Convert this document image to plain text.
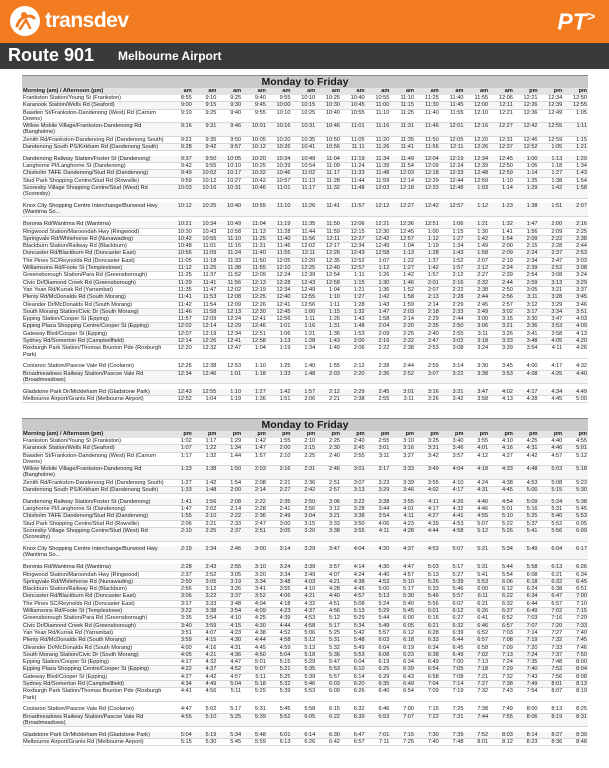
transdev	PT>
Route 901 Melbourne Airport
Monday to Friday
Morning (am) / Afternoon (pm)	am	am	am	am	am	am	am	am	am	am	am	am	am	am	pm	pm	pm
Frankston Station/Young St (Frankston)	8:55	9:10	9:25	9:40	9:55	10:10	10:25	10:40	10:55	11:10	11:25	11:40	11:55	12:06	12:21	12:34	12:50
Karanook Station/Wells Rd (Seaford)	9:00	9:15	9:30	9:45	10:00	10:15	10:30	10:45	11:00	11:15	11:30	11:45	12:00	12:11	12:26	12:39	12:55
Bawden St/Frankston-Dandenong (West) Rd (Carrum Downs)	9:10	9:25	9:40	9:55	10:10	10:25	10:40	10:55	11:10	11:25	11:40	11:55	12:10	12:21	12:36	12:49	1:05
Willow Mobile Village/Frankston-Dandenong Rd (Bangholme)	9:16	9:31	9:46	10:01	10:16	10:31	10:46	11:01	11:16	11:31	11:46	12:01	12:16	12:27	12:42	12:55	1:11
Zenith Rd/Frankston-Dandenong Rd (Dandenong South)	9:21	9:35	9:50	10:05	10:20	10:35	10:50	11:05	11:20	11:35	11:50	12:05	12:20	12:31	12:46	12:59	1:15
Dandenong South PS/Kirkham Rd (Dandenong South)	9:28	9:42	9:57	10:12	10:26	10:41	10:56	11:11	11:26	11:41	11:56	12:11	12:26	12:37	12:52	1:05	1:21

Dandenong Railway Station/Foster St (Dandenong)	9:37	9:50	10:05	10:20	10:34	10:49	11:04	11:19	11:34	11:49	12:04	12:19	12:34	12:45	1:00	1:13	1:29
Langhorne Pl/Langhorne St (Dandenong)	9:42	9:55	10:10	10:25	10:39	10:54	11:09	11:24	11:39	11:54	12:09	12:24	12:39	12:50	1:05	1:18	1:34
Chisholm TAFE Dandenong/Stud Rd (Dandenong)	9:49	10:02	10:17	10:32	10:46	11:02	11:17	11:33	11:48	12:03	12:18	12:33	12:48	12:59	1:14	1:27	1:43
Stud Park Shopping Centre/Stud Rd (Rowville)	9:59	10:12	10:27	10:42	10:57	11:13	11:28	11:44	11:59	12:14	12:29	12:44	12:59	1:10	1:25	1:38	1:54
Scoresby Village Shopping Centre/Stud (West) Rd (Scoresby)	10:03	10:16	10:31	10:46	11:01	11:17	11:32	11:48	12:03	12:18	12:33	12:48	1:03	1:14	1:29	1:42	1:58

Knox City Shopping Centre Interchange/Burwood Hwy (Wantirna So...	10:12	10:25	10:40	10:55	11:10	11:26	11:41	11:57	12:12	12:27	12:42	12:57	1:12	1:23	1:38	1:51	2:07

Boronia Rd/Wantirna Rd (Wantirna)	10:21	10:34	10:49	11:04	11:19	11:35	11:50	12:06	12:21	12:36	12:51	1:06	1:21	1:32	1:47	2:00	2:16
Ringwood Station/Maroondah Hwy (Ringwood)	10:30	10:43	10:58	11:13	11:28	11:44	11:59	12:15	12:30	12:45	1:00	1:15	1:30	1:41	1:56	2:09	2:25
Springvale Rd/Whitehorse Rd (Nunawading)	10:42	10:55	11:10	11:25	11:40	11:56	12:11	12:27	12:42	12:57	1:12	1:27	1:42	1:54	2:09	2:22	2:38
Blackburn Station/Railway Rd (Blackburn)	10:48	11:01	11:16	11:31	11:46	12:02	12:17	12:34	12:49	1:04	1:19	1:34	1:49	2:00	2:15	2:28	2:44
Doncaster Rd/Blackburn Rd (Doncaster East)	10:56	11:09	11:24	11:40	11:55	12:11	12:26	12:43	12:58	1:13	1:28	1:43	1:58	2:09	2:24	2:37	2:53
The Pines SC/Reynolds Rd (Doncaster East)	11:05	11:18	11:33	11:50	12:05	12:20	12:35	12:52	1:07	1:22	1:37	1:52	2:07	2:19	2:34	2:47	3:03
Williamsons Rd/Foote St (Templestowe)	11:12	11:25	11:38	11:55	12:10	12:25	12:40	12:57	1:12	1:27	1:42	1:57	2:12	2:24	2:39	2:52	3:08
Greensborough Station/Para Rd (Greensborough)	11:25	11:37	11:52	12:09	12:24	12:39	12:54	1:11	1:26	1:42	1:57	2:12	2:27	2:39	2:54	3:08	3:24
Civic Dr/Diamond Creek Rd (Greensborough)	11:29	11:41	11:56	12:13	12:28	12:43	12:58	1:15	1:30	1:46	2:01	2:16	2:32	2:44	2:59	3:13	3:29
Yan Yean Rd/Kurrak Rd (Yarrambat)	11:35	11:47	12:02	12:19	12:34	12:49	1:04	1:21	1:36	1:52	2:07	2:22	2:38	2:50	3:05	3:21	3:37
Plenty Rd/McDonalds Rd (South Morang)	11:41	11:53	12:08	12:25	12:40	12:55	1:10	1:27	1:42	1:58	2:13	2:28	2:44	2:56	3:11	3:28	3:45
Oleander Dr/McDonalds Rd (South Morang)	11:42	11:54	12:09	12:26	12:41	12:56	1:11	1:28	1:43	1:59	2:14	2:29	2:45	2:57	3:12	3:29	3:46
South Morang Station/Civic Dr (South Morang)	11:46	11:58	12:13	12:30	12:45	1:00	1:15	1:32	1:47	2:03	2:18	2:33	2:49	3:02	3:17	3:34	3:51
Epping Station/Cooper St (Epping)	11:57	12:09	12:24	12:41	12:56	1:11	1:26	1:43	1:58	2:14	2:29	2:44	3:00	3:15	3:30	3:47	4:03
Epping Plaza Shopping Centre/Cooper St (Epping)	12:02	12:14	12:29	12:46	1:01	1:16	1:31	1:48	2:04	2:20	2:35	2:50	3:06	3:21	3:36	3:53	4:09
Gateway Blvd/Cooper St (Epping)	12:07	12:19	12:34	12:51	1:06	1:21	1:36	1:53	2:09	2:25	2:40	2:55	3:11	3:26	3:41	3:58	4:13
Sydney Rd/Somerton Rd (Campbellfield)	12:14	12:26	12:41	12:58	1:13	1:28	1:43	2:00	2:16	2:32	2:47	3:02	3:18	3:33	3:48	4:05	4:20
Roxburgh Park Station/Thomas Brunton Pde (Roxburgh Park)	12:20	12:32	12:47	1:04	1:19	1:34	1:49	2:06	2:22	2:38	2:53	3:08	3:24	3:39	3:54	4:11	4:26

Coolaroo Station/Pascoe Vale Rd (Coolaroo)	12:26	12:38	12:53	1:10	1:25	1:40	1:55	2:12	2:28	2:44	2:59	3:14	3:30	3:45	4:00	4:17	4:32
Broadmeadows Railway Station/Pascoe Vale Rd (Broadmeadows)	12:34	12:46	1:01	1:18	1:33	1:48	2:03	2:20	2:36	2:52	3:07	3:22	3:38	3:53	4:08	4:25	4:40

Gladstone Park Dr/Mickleham Rd (Gladstone Park)	12:43	12:55	1:10	1:27	1:42	1:57	2:12	2:29	2:45	3:01	3:16	3:31	3:47	4:02	4:17	4:34	4:49
Melbourne Airport/Grants Rd (Melbourne Airport)	12:52	1:04	1:19	1:36	1:51	2:06	2:21	2:38	2:55	3:11	3:26	3:42	3:58	4:13	4:28	4:45	5:00
Monday to Friday
Morning (am) / Afternoon (pm)	pm	pm	pm	pm	pm	pm	pm	pm	pm	pm	pm	pm	pm	pm	pm	pm	pm
Frankston Station/Young St (Frankston)	1:02	1:17	1:29	1:42	1:55	2:10	2:25	2:40	2:55	3:10	3:25	3:40	3:55	4:10	4:25	4:40	4:55
Karanook Station/Wells Rd (Seaford)	1:07	1:22	1:34	1:47	2:00	2:15	2:30	2:45	3:01	3:16	3:31	3:46	4:01	4:16	4:31	4:46	5:01
Bawden St/Frankston-Dandenong (West) Rd (Carrum Downs)	1:17	1:32	1:44	1:57	2:10	2:25	2:40	2:55	3:11	3:27	3:42	3:57	4:12	4:27	4:42	4:57	5:12
Willow Mobile Village/Frankston-Dandenong Rd (Bangholme)	1:23	1:38	1:50	2:03	2:16	2:31	2:46	3:01	3:17	3:33	3:49	4:04	4:18	4:33	4:48	5:03	5:18
Zenith Rd/Frankston-Dandenong Rd (Dandenong South)	1:27	1:42	1:54	2:08	2:21	2:36	2:51	3:07	3:23	3:39	3:55	4:10	4:24	4:38	4:53	5:08	5:23
Dandenong South PS/Kirkham Rd (Dandenong South)	1:33	1:48	2:00	2:14	2:27	2:42	2:57	3:13	3:29	3:46	4:02	4:17	4:31	4:45	5:00	5:15	5:30

Dandenong Railway Station/Foster St (Dandenong)	1:41	1:56	2:08	2:22	2:35	2:50	3:06	3:22	3:38	3:55	4:11	4:26	4:40	4:54	5:09	5:24	5:38
Langhorne Pl/Langhorne St (Dandenong)	1:47	2:02	2:14	2:28	2:41	2:56	3:12	3:28	3:44	4:01	4:17	4:32	4:46	5:01	5:16	5:31	5:45
Chisholm TAFE Dandenong/Stud Rd (Dandenong)	1:55	2:10	2:22	2:36	2:49	3:04	3:21	3:38	3:54	4:11	4:27	4:41	4:55	5:10	5:25	5:40	5:53
Stud Park Shopping Centre/Stud Rd (Rowville)	2:06	2:21	2:33	2:47	3:00	3:15	3:33	3:50	4:06	4:23	4:39	4:53	5:07	5:22	5:37	5:52	6:05
Scoresby Village Shopping Centre/Stud (West) Rd (Scoresby)	2:10	2:25	2:37	2:51	3:05	3:20	3:38	3:55	4:11	4:28	4:44	4:58	5:12	5:26	5:41	5:56	6:09

Knox City Shopping Centre Interchange/Burwood Hwy (Wantirna So...	2:19	2:34	2:46	3:00	3:14	3:29	3:47	4:04	4:20	4:37	4:53	5:07	5:21	5:34	5:49	6:04	6:17

Boronia Rd/Wantirna Rd (Wantirna)	2:28	2:43	2:55	3:10	3:24	3:39	3:57	4:14	4:30	4:47	5:03	5:17	5:31	5:44	5:58	6:13	6:26
Ringwood Station/Maroondah Hwy (Ringwood)	2:37	2:52	3:05	3:20	3:34	3:49	4:07	4:24	4:40	4:57	5:13	5:27	5:41	5:54	6:08	6:21	6:34
Springvale Rd/Whitehorse Rd (Nunawading)	2:50	3:05	3:19	3:34	3:48	4:03	4:21	4:38	4:53	5:10	5:26	5:39	5:53	6:06	6:18	6:32	6:45
Blackburn Station/Railway Rd (Blackburn)	2:56	3:12	3:26	3:41	3:55	4:10	4:28	4:45	5:00	5:17	5:33	5:46	6:00	6:12	6:24	6:38	6:51
Doncaster Rd/Blackburn Rd (Doncaster East)	3:06	3:22	3:37	3:52	4:06	4:21	4:40	4:57	5:13	5:30	5:46	5:57	6:11	6:22	6:34	6:47	7:00
The Pines SC/Reynolds Rd (Doncaster East)	3:17	3:33	3:48	4:04	4:18	4:32	4:51	5:08	5:24	5:40	5:56	6:07	6:21	6:32	6:44	6:57	7:10
Williamsons Rd/Foote St (Templestowe)	3:22	3:38	3:54	4:09	4:23	4:37	4:56	5:13	5:29	5:45	6:01	6:12	6:26	6:37	6:49	7:02	7:15
Greensborough Station/Para Rd (Greensborough)	3:35	3:54	4:10	4:25	4:39	4:53	5:12	5:29	5:44	6:00	6:16	6:27	6:41	6:52	7:03	7:16	7:29
Civic Dr/Diamond Creek Rd (Greensborough)	3:40	3:59	4:15	4:30	4:44	4:58	5:17	5:34	5:49	6:05	6:21	6:32	6:46	6:57	7:07	7:20	7:33
Yan Yean Rd/Kurrak Rd (Yarrambat)	3:51	4:07	4:23	4:38	4:52	5:06	5:25	5:42	5:57	6:12	6:28	6:39	6:52	7:03	7:14	7:27	7:40
Plenty Rd/McDonalds Rd (South Morang)	3:59	4:15	4:30	4:44	4:58	5:12	5:31	5:48	6:03	6:18	6:33	6:44	6:57	7:08	7:19	7:32	7:45
Oleander Dr/McDonalds Rd (South Morang)	4:00	4:16	4:31	4:45	4:59	5:13	5:32	5:49	6:04	6:19	6:34	6:45	6:58	7:09	7:20	7:33	7:46
South Morang Station/Civic Dr (South Morang)	4:05	4:21	4:36	4:50	5:04	5:18	5:36	5:53	6:08	6:23	6:38	6:49	7:02	7:13	7:24	7:37	7:50
Epping Station/Cooper St (Epping)	4:17	4:32	4:47	5:01	5:15	5:29	5:47	6:04	6:19	6:34	6:49	7:00	7:13	7:24	7:35	7:48	8:00
Epping Plaza Shopping Centre/Cooper St (Epping)	4:22	4:37	4:52	5:07	5:21	5:35	5:53	6:10	6:25	6:39	6:54	7:05	7:18	7:29	7:40	7:52	8:04
Gateway Blvd/Cooper St (Epping)	4:27	4:42	4:57	5:11	5:25	5:39	5:57	6:14	6:29	6:43	6:58	7:08	7:21	7:32	7:43	7:56	8:08
Sydney Rd/Somerton Rd (Campbellfield)	4:34	4:49	5:04	5:18	5:32	5:46	6:03	6:20	6:35	6:49	7:04	7:14	7:27	7:38	7:49	8:01	8:13
Roxburgh Park Station/Thomas Brunton Pde (Roxburgh Park)	4:41	4:56	5:11	5:25	5:39	5:53	6:09	6:26	6:40	6:54	7:09	7:19	7:32	7:43	7:54	8:07	8:19

Coolaroo Station/Pascoe Vale Rd (Coolaroo)	4:47	5:02	5:17	5:31	5:45	5:58	6:15	6:32	6:46	7:00	7:15	7:25	7:38	7:49	8:00	8:13	8:25
Broadmeadows Railway Station/Pascoe Vale Rd (Broadmeadows)	4:55	5:10	5:25	5:39	5:52	6:05	6:22	6:39	6:53	7:07	7:22	7:31	7:44	7:55	8:06	8:19	8:31

Gladstone Park Dr/Mickleham Rd (Gladstone Park)	5:04	5:19	5:34	5:48	6:01	6:14	6:30	6:47	7:01	7:15	7:30	7:39	7:52	8:03	8:14	8:27	8:39
Melbourne Airport/Grants Rd (Melbourne Airport)	5:15	5:30	5:45	5:59	6:13	6:26	6:42	6:57	7:11	7:25	7:40	7:48	8:01	8:12	8:23	8:36	8:48
